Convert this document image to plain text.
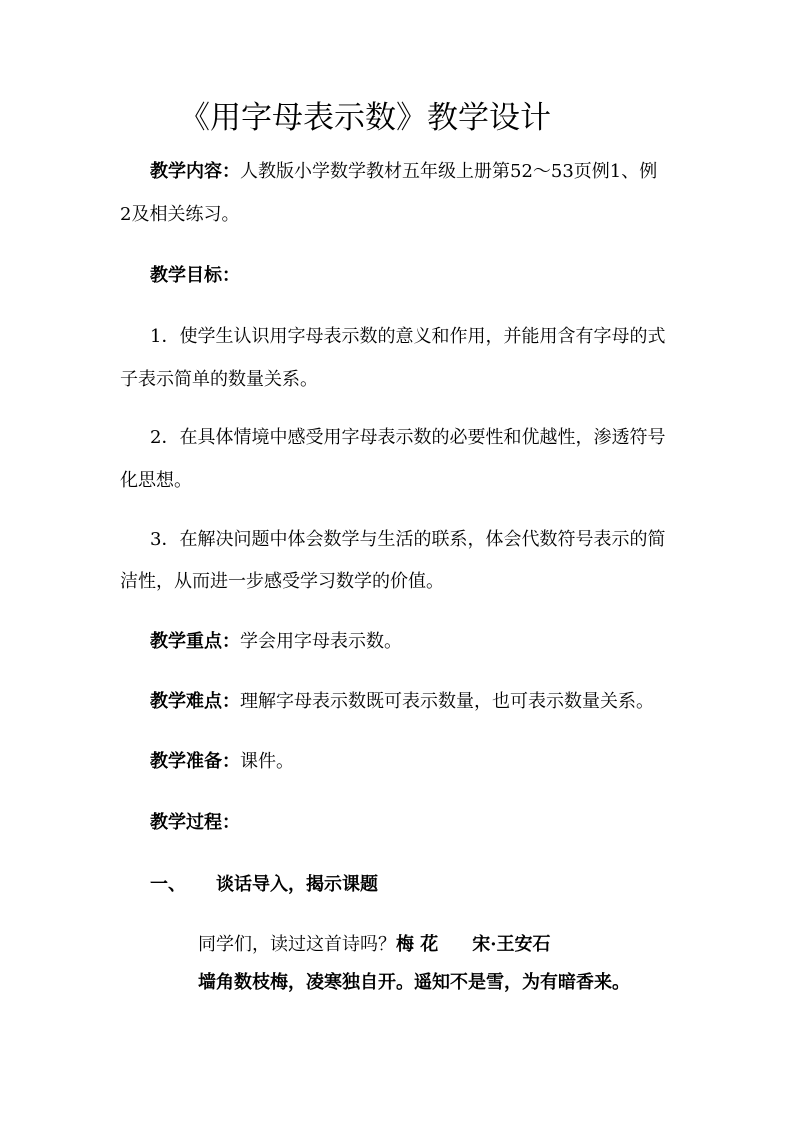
《用字母表示数》教学设计
教学内容：人教版小学数学教材五年级上册第52～53页例1、例
2及相关练习。
教学目标：
1．使学生认识用字母表示数的意义和作用，并能用含有字母的式
子表示简单的数量关系。
2．在具体情境中感受用字母表示数的必要性和优越性，渗透符号
化思想。
3．在解决问题中体会数学与生活的联系，体会代数符号表示的简
洁性，从而进一步感受学习数学的价值。
教学重点：学会用字母表示数。
教学难点：理解字母表示数既可表示数量，也可表示数量关系。
教学准备：课件。
教学过程：
一、 谈话导入，揭示课题
同学们，读过这首诗吗？梅 花 宋·王安石
墙角数枝梅，凌寒独自开。遥知不是雪，为有暗香来。
